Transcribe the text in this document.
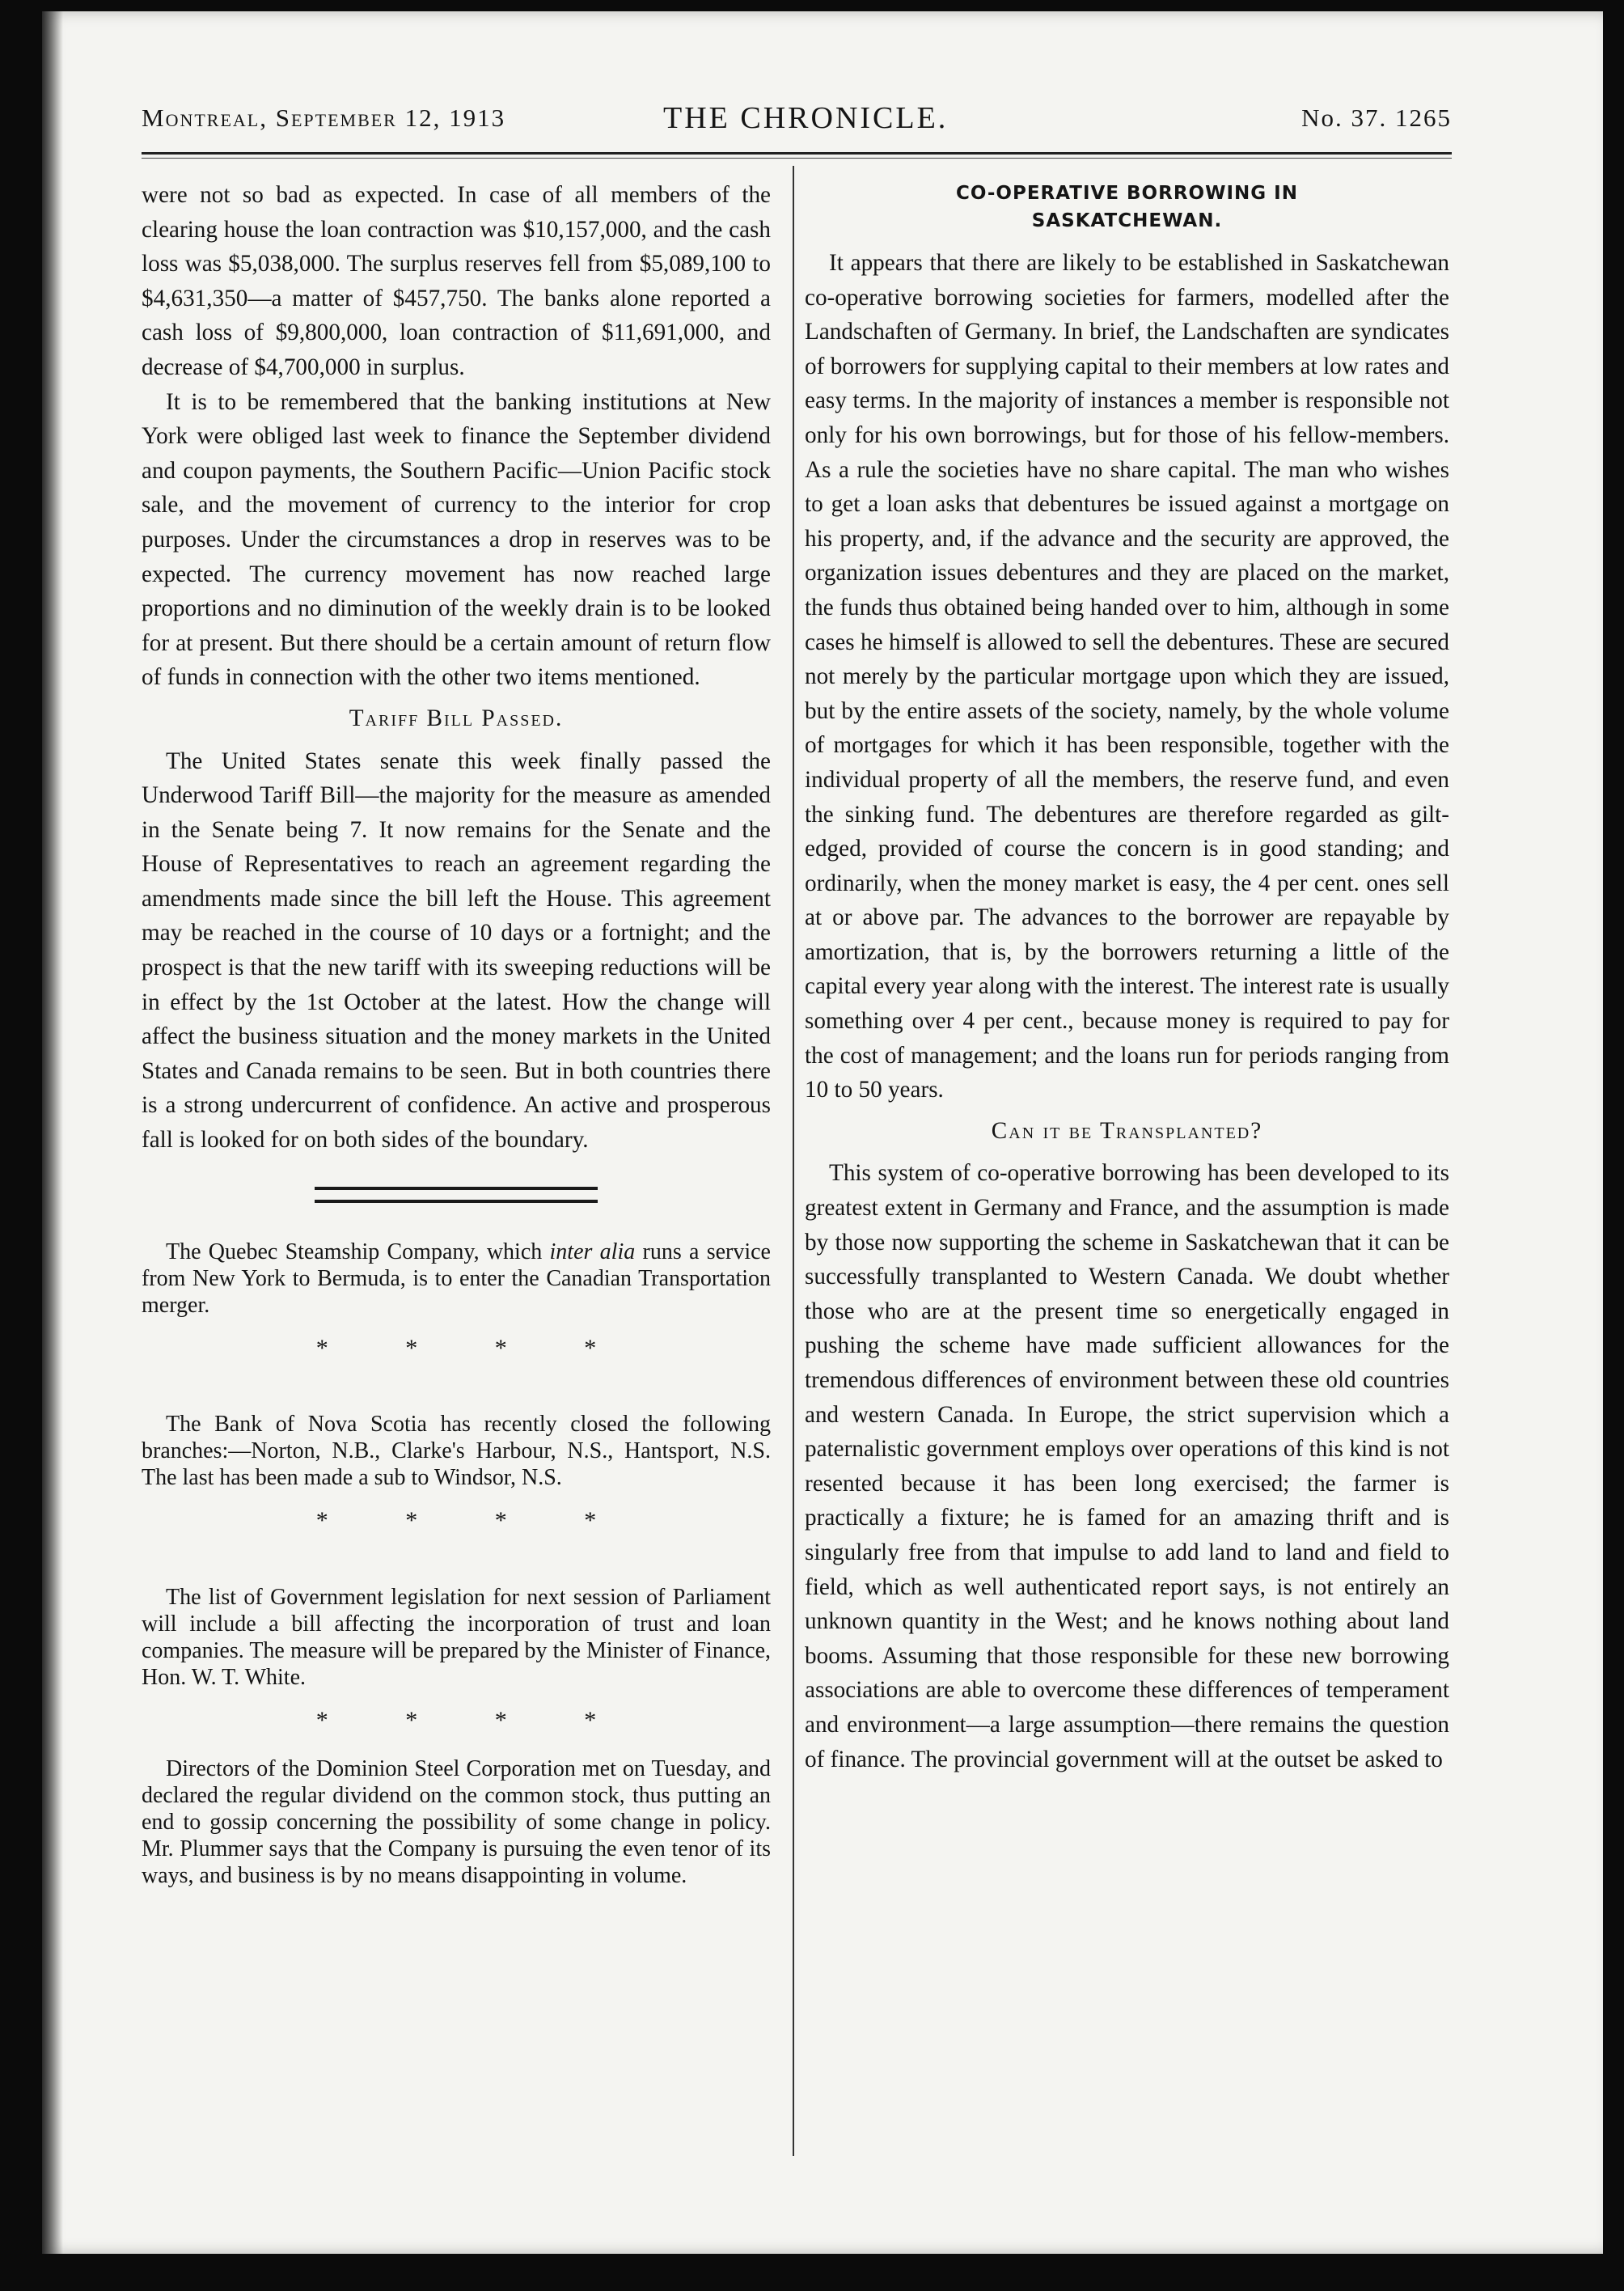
Montreal, September 12, 1913	THE CHRONICLE.	No. 37. 1265

were not so bad as expected. In case of all members of the clearing house the loan contraction was $10,157,000, and the cash loss was $5,038,000. The surplus reserves fell from $5,089,100 to $4,631,350—a matter of $457,750. The banks alone reported a cash loss of $9,800,000, loan contraction of $11,691,000, and decrease of $4,700,000 in surplus.

It is to be remembered that the banking institutions at New York were obliged last week to finance the September dividend and coupon payments, the Southern Pacific—Union Pacific stock sale, and the movement of currency to the interior for crop purposes. Under the circumstances a drop in reserves was to be expected. The currency movement has now reached large proportions and no diminution of the weekly drain is to be looked for at present. But there should be a certain amount of return flow of funds in connection with the other two items mentioned.

Tariff Bill Passed.

The United States senate this week finally passed the Underwood Tariff Bill—the majority for the measure as amended in the Senate being 7. It now remains for the Senate and the House of Representatives to reach an agreement regarding the amendments made since the bill left the House. This agreement may be reached in the course of 10 days or a fortnight; and the prospect is that the new tariff with its sweeping reductions will be in effect by the 1st October at the latest. How the change will affect the business situation and the money markets in the United States and Canada remains to be seen. But in both countries there is a strong undercurrent of confidence. An active and prosperous fall is looked for on both sides of the boundary.

The Quebec Steamship Company, which inter alia runs a service from New York to Bermuda, is to enter the Canadian Transportation merger.

* * * *

The Bank of Nova Scotia has recently closed the following branches:—Norton, N.B., Clarke's Harbour, N.S., Hantsport, N.S. The last has been made a sub to Windsor, N.S.

* * * *

The list of Government legislation for next session of Parliament will include a bill affecting the incorporation of trust and loan companies. The measure will be prepared by the Minister of Finance, Hon. W. T. White.

* * * *

Directors of the Dominion Steel Corporation met on Tuesday, and declared the regular dividend on the common stock, thus putting an end to gossip concerning the possibility of some change in policy. Mr. Plummer says that the Company is pursuing the even tenor of its ways, and business is by no means disappointing in volume.

CO-OPERATIVE BORROWING IN
SASKATCHEWAN.

It appears that there are likely to be established in Saskatchewan co-operative borrowing societies for farmers, modelled after the Landschaften of Germany. In brief, the Landschaften are syndicates of borrowers for supplying capital to their members at low rates and easy terms. In the majority of instances a member is responsible not only for his own borrowings, but for those of his fellow-members. As a rule the societies have no share capital. The man who wishes to get a loan asks that debentures be issued against a mortgage on his property, and, if the advance and the security are approved, the organization issues debentures and they are placed on the market, the funds thus obtained being handed over to him, although in some cases he himself is allowed to sell the debentures. These are secured not merely by the particular mortgage upon which they are issued, but by the entire assets of the society, namely, by the whole volume of mortgages for which it has been responsible, together with the individual property of all the members, the reserve fund, and even the sinking fund. The debentures are therefore regarded as gilt-edged, provided of course the concern is in good standing; and ordinarily, when the money market is easy, the 4 per cent. ones sell at or above par. The advances to the borrower are repayable by amortization, that is, by the borrowers returning a little of the capital every year along with the interest. The interest rate is usually something over 4 per cent., because money is required to pay for the cost of management; and the loans run for periods ranging from 10 to 50 years.

Can it be Transplanted?

This system of co-operative borrowing has been developed to its greatest extent in Germany and France, and the assumption is made by those now supporting the scheme in Saskatchewan that it can be successfully transplanted to Western Canada. We doubt whether those who are at the present time so energetically engaged in pushing the scheme have made sufficient allowances for the tremendous differences of environment between these old countries and western Canada. In Europe, the strict supervision which a paternalistic government employs over operations of this kind is not resented because it has been long exercised; the farmer is practically a fixture; he is famed for an amazing thrift and is singularly free from that impulse to add land to land and field to field, which as well authenticated report says, is not entirely an unknown quantity in the West; and he knows nothing about land booms. Assuming that those responsible for these new borrowing associations are able to overcome these differences of temperament and environment—a large assumption—there remains the question of finance. The provincial government will at the outset be asked to
